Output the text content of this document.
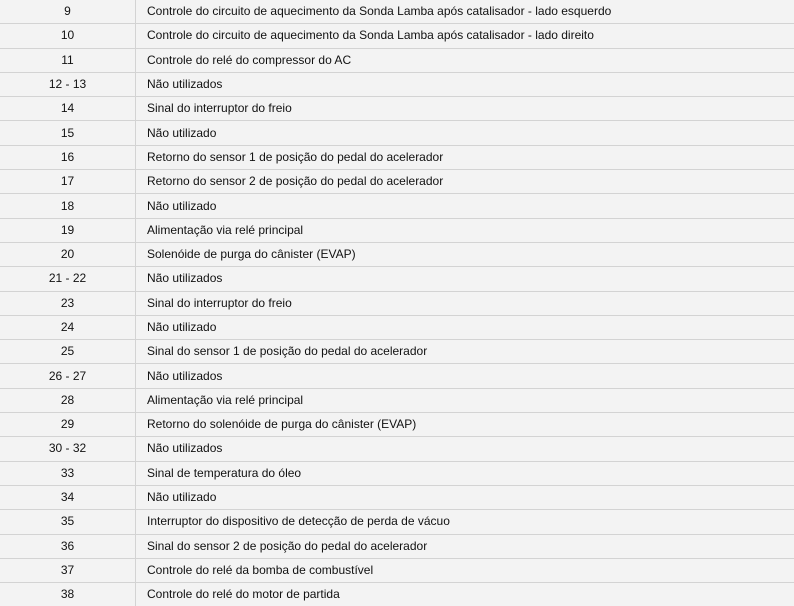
9	Controle do circuito de aquecimento da Sonda Lamba após catalisador - lado esquerdo
10	Controle do circuito de aquecimento da Sonda Lamba após catalisador - lado direito
11	Controle do relé do compressor do AC
12 - 13	Não utilizados
14	Sinal do interruptor do freio
15	Não utilizado
16	Retorno do sensor 1 de posição do pedal do acelerador
17	Retorno do sensor 2 de posição do pedal do acelerador
18	Não utilizado
19	Alimentação via relé principal
20	Solenóide de purga do cânister (EVAP)
21 - 22	Não utilizados
23	Sinal do interruptor do freio
24	Não utilizado
25	Sinal do sensor 1 de posição do pedal do acelerador
26 - 27	Não utilizados
28	Alimentação via relé principal
29	Retorno do solenóide de purga do cânister (EVAP)
30 - 32	Não utilizados
33	Sinal de temperatura do óleo
34	Não utilizado
35	Interruptor do dispositivo de detecção de perda de vácuo
36	Sinal do sensor 2 de posição do pedal do acelerador
37	Controle do relé da bomba de combustível
38	Controle do relé do motor de partida
